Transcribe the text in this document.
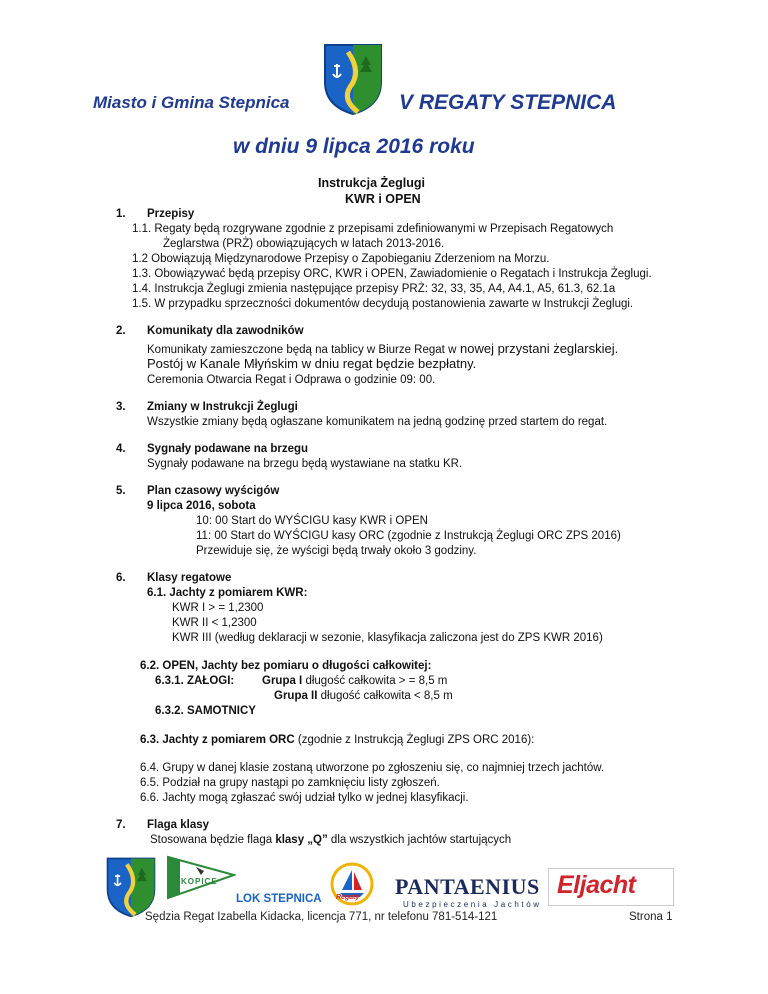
Miasto i Gmina Stepnica	V REGATY STEPNICA
w dniu 9 lipca 2016 roku
Instrukcja Żeglugi
KWR i OPEN
1. Przepisy
1.1. Regaty będą rozgrywane zgodnie z przepisami zdefiniowanymi w Przepisach Regatowych
Żeglarstwa (PRŻ) obowiązujących w latach 2013-2016.
1.2 Obowiązują Międzynarodowe Przepisy o Zapobieganiu Zderzeniom na Morzu.
1.3. Obowiązywać będą przepisy ORC, KWR i OPEN, Zawiadomienie o Regatach i Instrukcja Żeglugi.
1.4. Instrukcja Żeglugi zmienia następujące przepisy PRŻ: 32, 33, 35, A4, A4.1, A5, 61.3, 62.1a
1.5. W przypadku sprzeczności dokumentów decydują postanowienia zawarte w Instrukcji Żeglugi.
2. Komunikaty dla zawodników
Komunikaty zamieszczone będą na tablicy w Biurze Regat w nowej przystani żeglarskiej.
Postój w Kanale Młyńskim w dniu regat będzie bezpłatny.
Ceremonia Otwarcia Regat i Odprawa o godzinie 09: 00.
3. Zmiany w Instrukcji Żeglugi
Wszystkie zmiany będą ogłaszane komunikatem na jedną godzinę przed startem do regat.
4. Sygnały podawane na brzegu
Sygnały podawane na brzegu będą wystawiane na statku KR.
5. Plan czasowy wyścigów
9 lipca 2016, sobota
10: 00 Start do WYŚCIGU kasy KWR i OPEN
11: 00 Start do WYŚCIGU kasy ORC (zgodnie z Instrukcją Żeglugi ORC ZPS 2016)
Przewiduje się, że wyścigi będą trwały około 3 godziny.
6. Klasy regatowe
6.1. Jachty z pomiarem KWR:
KWR I > = 1,2300
KWR II < 1,2300
KWR III (według deklaracji w sezonie, klasyfikacja zaliczona jest do ZPS KWR 2016)
6.2. OPEN, Jachty bez pomiaru o długości całkowitej:
6.3.1. ZAŁOGI: Grupa I długość całkowita > = 8,5 m
Grupa II długość całkowita < 8,5 m
6.3.2. SAMOTNICY
6.3. Jachty z pomiarem ORC (zgodnie z Instrukcją Żeglugi ZPS ORC 2016):
6.4. Grupy w danej klasie zostaną utworzone po zgłoszeniu się, co najmniej trzech jachtów.
6.5. Podział na grupy nastąpi po zamknięciu listy zgłoszeń.
6.6. Jachty mogą zgłaszać swój udział tylko w jednej klasyfikacji.
7. Flaga klasy
Stosowana będzie flaga klasy „Q” dla wszystkich jachtów startujących
KOPICE
LOK STEPNICA Regaty PANTAENIUS
Ubezpieczenia Jachtów
Eljacht
Sędzia Regat Izabella Kidacka, licencja 771, nr telefonu 781-514-121	Strona 1
